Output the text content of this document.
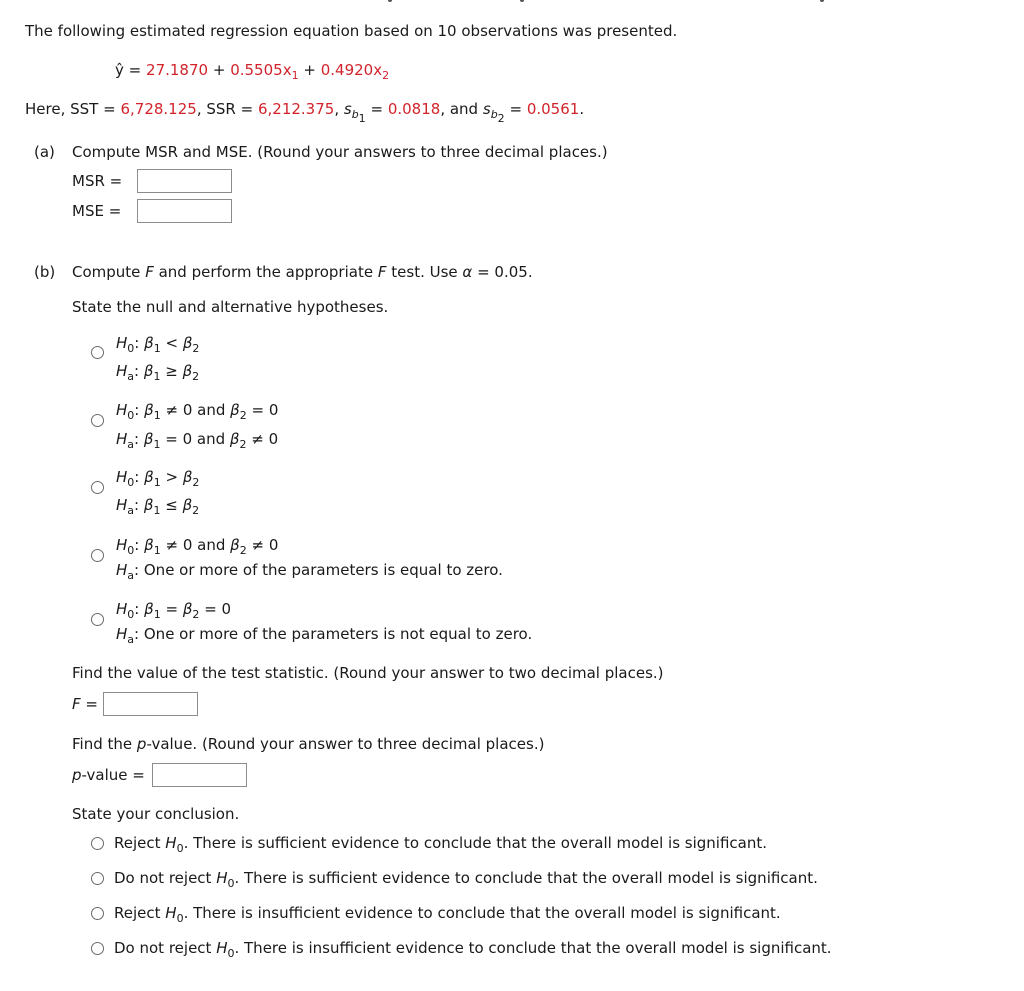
The following estimated regression equation based on 10 observations was presented.
ŷ = $27.1870 + 0.5505x_1 + 0.4920x_2$
Here, SST = 6,728.125, SSR = 6,212.375, $s_{b_1} = 0.0818$, and $s_{b_2} = 0.0561$.
(a) Compute MSR and MSE. (Round your answers to three decimal places.)
MSR =
MSE =
(b) Compute F and perform the appropriate F test. Use α = 0.05.
State the null and alternative hypotheses.
$H_0$: $\beta_1 < \beta_2$
$H_a$: $\beta_1 \ge \beta_2$
$H_0$: $\beta_1 \ne 0$ and $\beta_2 = 0$
$H_a$: $\beta_1 = 0$ and $\beta_2 \ne 0$
$H_0$: $\beta_1 > \beta_2$
$H_a$: $\beta_1 \le \beta_2$
$H_0$: $\beta_1 \ne 0$ and $\beta_2 \ne 0$
$H_a$: One or more of the parameters is equal to zero.
$H_0$: $\beta_1 = \beta_2 = 0$
$H_a$: One or more of the parameters is not equal to zero.
Find the value of the test statistic. (Round your answer to two decimal places.)
F =
Find the p-value. (Round your answer to three decimal places.)
p-value =
State your conclusion.
Reject $H_0$. There is sufficient evidence to conclude that the overall model is significant.
Do not reject $H_0$. There is sufficient evidence to conclude that the overall model is significant.
Reject $H_0$. There is insufficient evidence to conclude that the overall model is significant.
Do not reject $H_0$. There is insufficient evidence to conclude that the overall model is significant.
